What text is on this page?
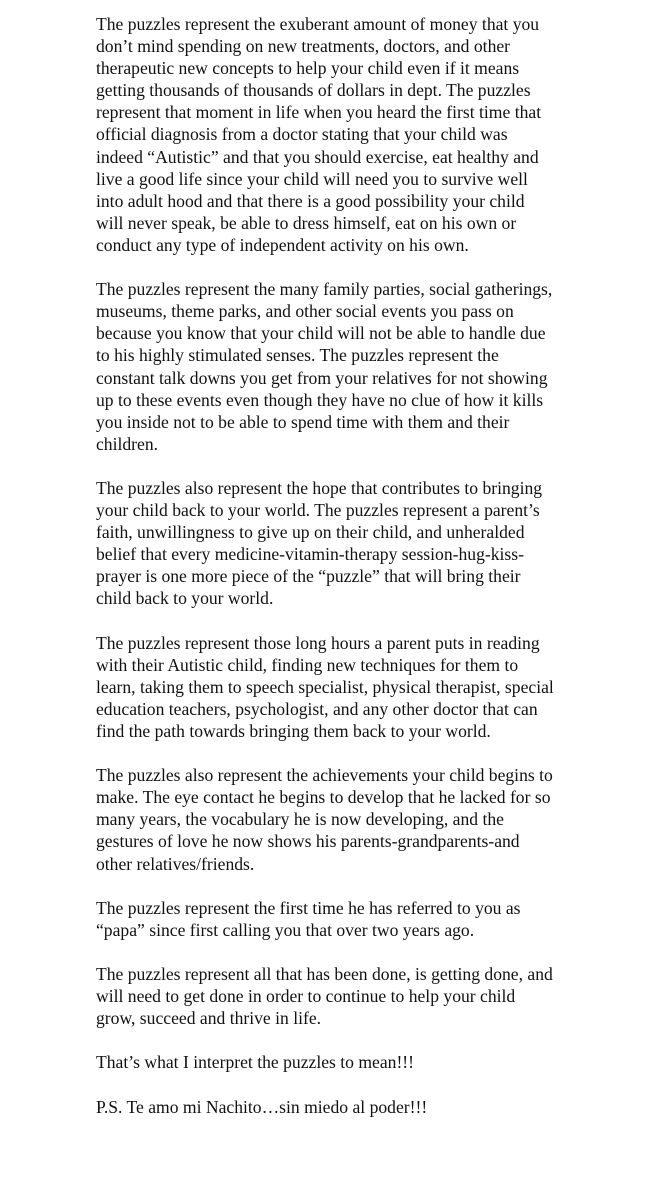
The puzzles represent the exuberant amount of money that you don’t mind spending on new treatments, doctors, and other therapeutic new concepts to help your child even if it means getting thousands of thousands of dollars in dept. The puzzles represent that moment in life when you heard the first time that official diagnosis from a doctor stating that your child was indeed “Autistic” and that you should exercise, eat healthy and live a good life since your child will need you to survive well into adult hood and that there is a good possibility your child will never speak, be able to dress himself, eat on his own or conduct any type of independent activity on his own.

The puzzles represent the many family parties, social gatherings, museums, theme parks, and other social events you pass on because you know that your child will not be able to handle due to his highly stimulated senses. The puzzles represent the constant talk downs you get from your relatives for not showing up to these events even though they have no clue of how it kills you inside not to be able to spend time with them and their children.

The puzzles also represent the hope that contributes to bringing your child back to your world. The puzzles represent a parent’s faith, unwillingness to give up on their child, and unheralded belief that every medicine-vitamin-therapy session-hug-kiss-prayer is one more piece of the “puzzle” that will bring their child back to your world.

The puzzles represent those long hours a parent puts in reading with their Autistic child, finding new techniques for them to learn, taking them to speech specialist, physical therapist, special education teachers, psychologist, and any other doctor that can find the path towards bringing them back to your world.

The puzzles also represent the achievements your child begins to make. The eye contact he begins to develop that he lacked for so many years, the vocabulary he is now developing, and the gestures of love he now shows his parents-grandparents-and other relatives/friends.

The puzzles represent the first time he has referred to you as “papa” since first calling you that over two years ago.

The puzzles represent all that has been done, is getting done, and will need to get done in order to continue to help your child grow, succeed and thrive in life.

That’s what I interpret the puzzles to mean!!!

P.S. Te amo mi Nachito…sin miedo al poder!!!
